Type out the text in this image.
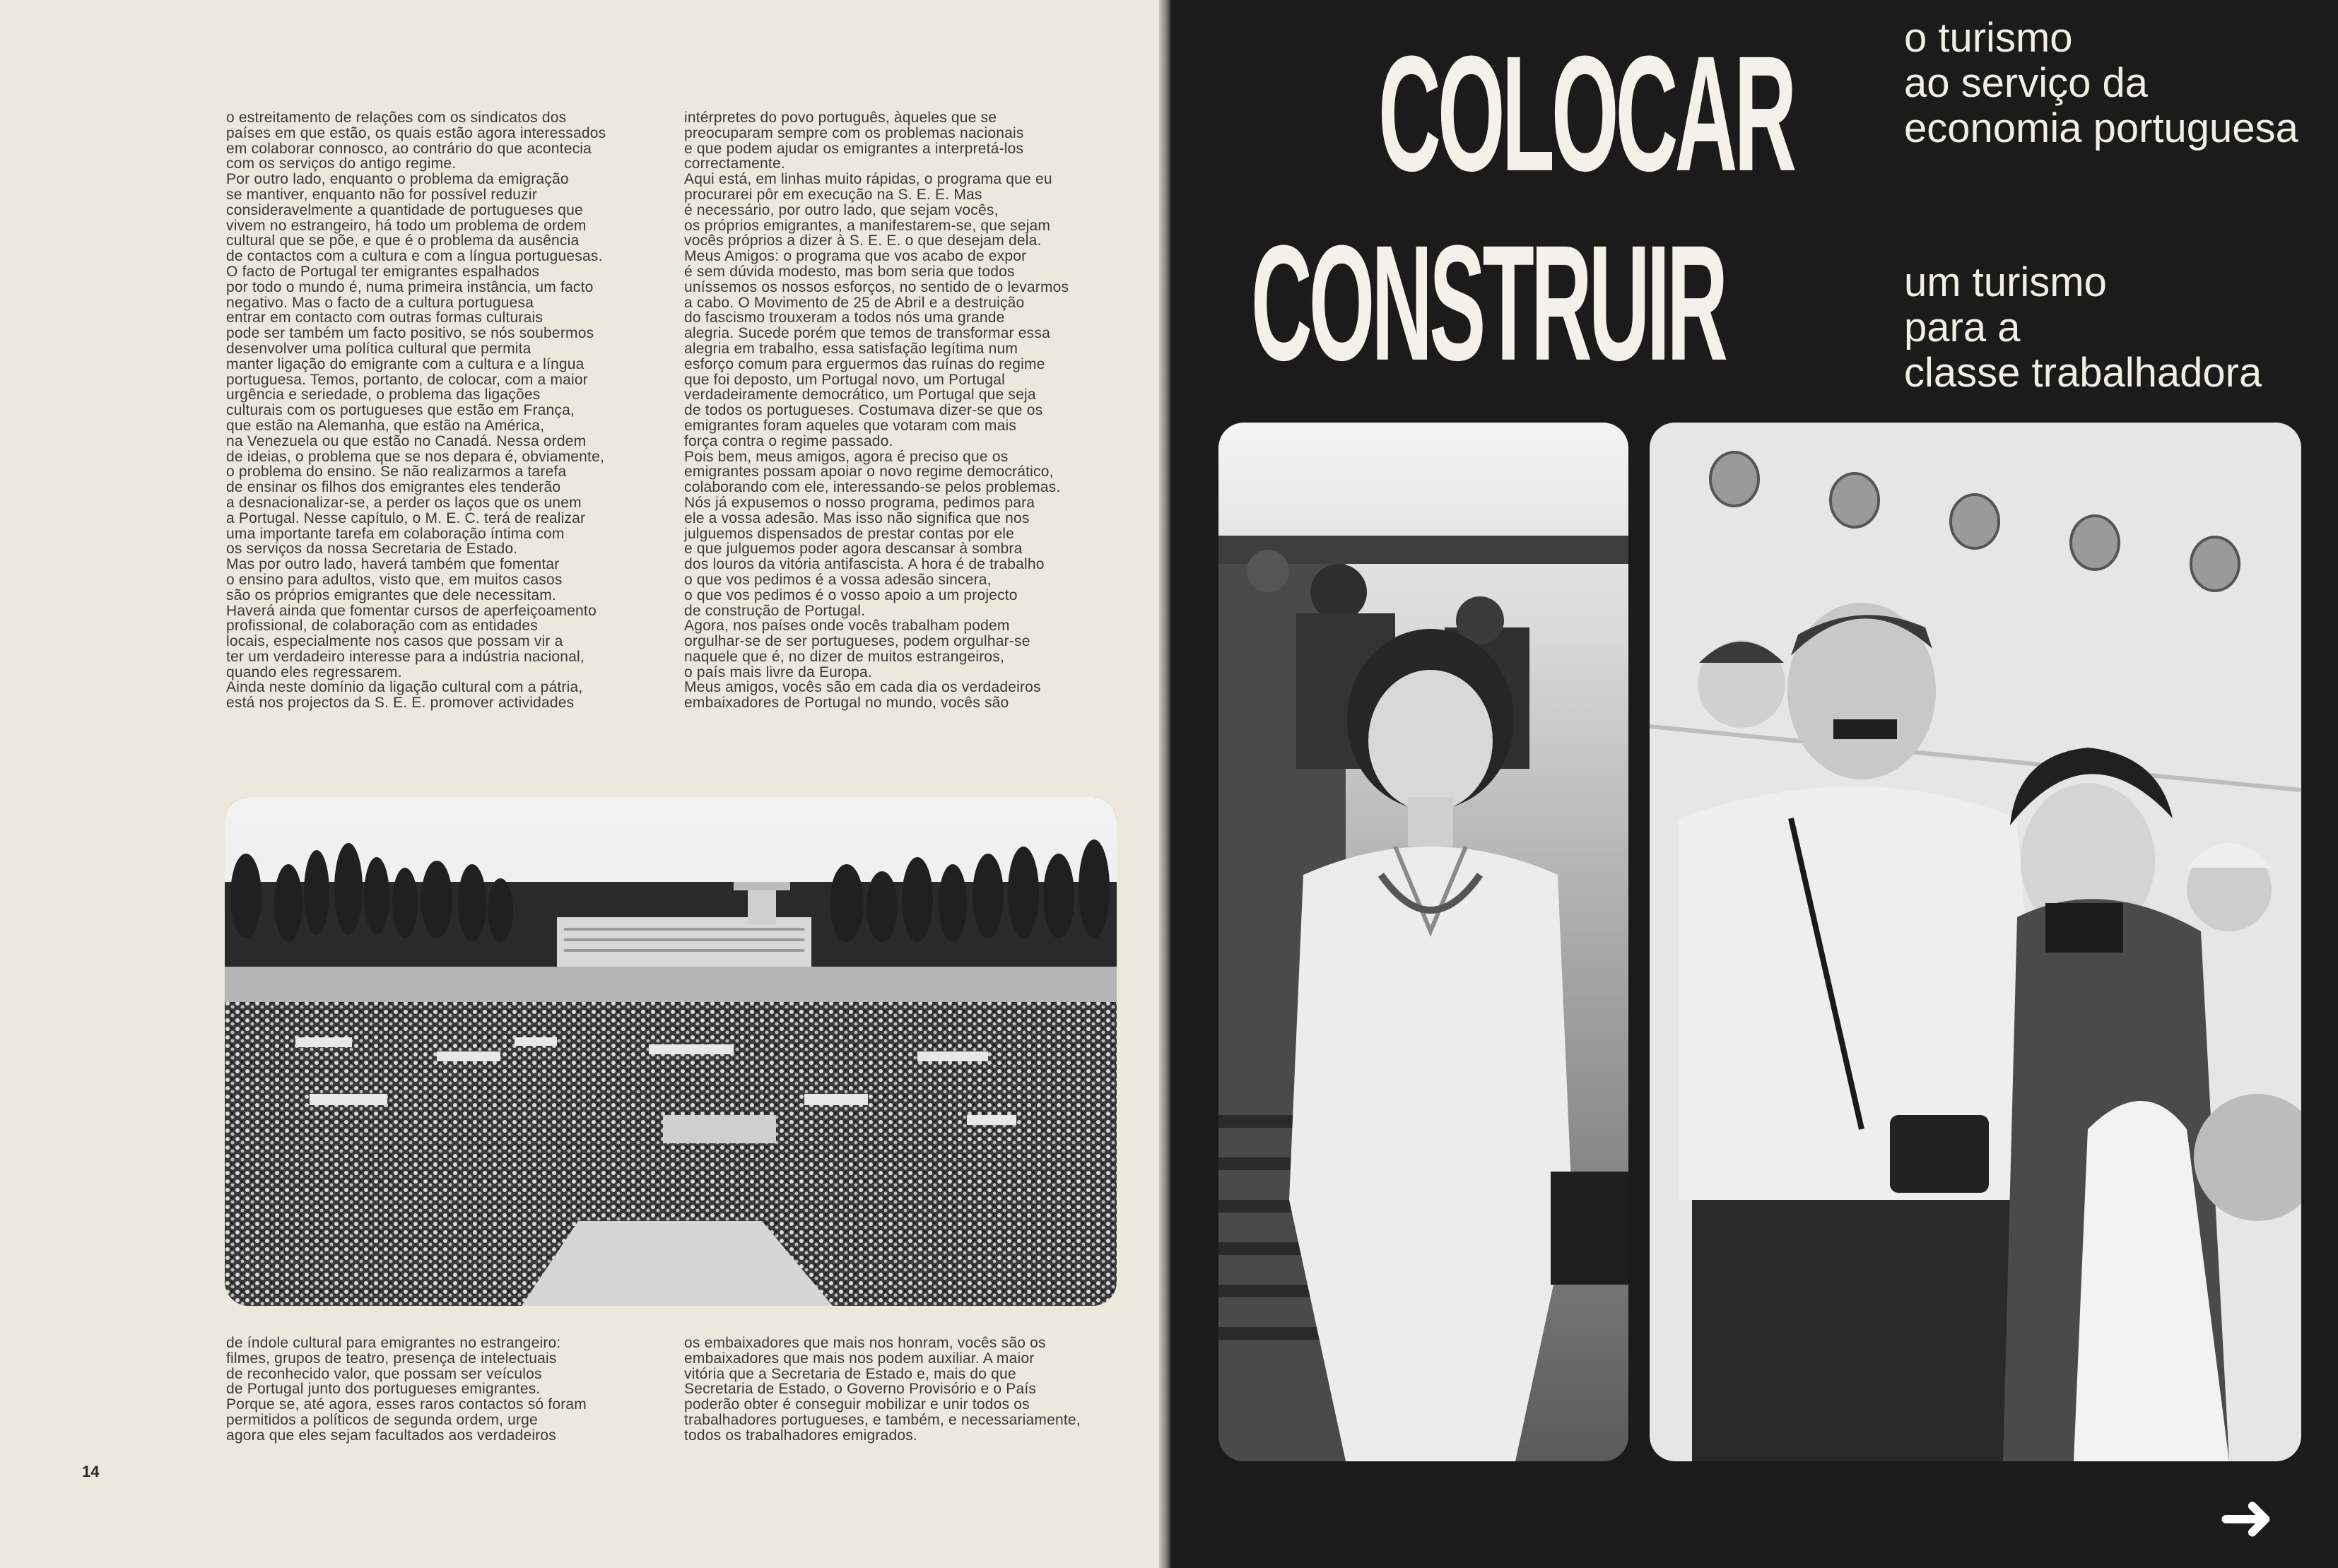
o estreitamento de relações com os sindicatos dos
países em que estão, os quais estão agora interessados
em colaborar connosco, ao contrário do que acontecia
com os serviços do antigo regime.
Por outro lado, enquanto o problema da emigração
se mantiver, enquanto não for possível reduzir
consideravelmente a quantidade de portugueses que
vivem no estrangeiro, há todo um problema de ordem
cultural que se põe, e que é o problema da ausência
de contactos com a cultura e com a língua portuguesas.
O facto de Portugal ter emigrantes espalhados
por todo o mundo é, numa primeira instância, um facto
negativo. Mas o facto de a cultura portuguesa
entrar em contacto com outras formas culturais
pode ser também um facto positivo, se nós soubermos
desenvolver uma política cultural que permita
manter ligação do emigrante com a cultura e a língua
portuguesa. Temos, portanto, de colocar, com a maior
urgência e seriedade, o problema das ligações
culturais com os portugueses que estão em França,
que estão na Alemanha, que estão na América,
na Venezuela ou que estão no Canadá. Nessa ordem
de ideias, o problema que se nos depara é, obviamente,
o problema do ensino. Se não realizarmos a tarefa
de ensinar os filhos dos emigrantes eles tenderão
a desnacionalizar-se, a perder os laços que os unem
a Portugal. Nesse capítulo, o M. E. C. terá de realizar
uma importante tarefa em colaboração íntima com
os serviços da nossa Secretaria de Estado.
Mas por outro lado, haverá também que fomentar
o ensino para adultos, visto que, em muitos casos
são os próprios emigrantes que dele necessitam.
Haverá ainda que fomentar cursos de aperfeiçoamento
profissional, de colaboração com as entidades
locais, especialmente nos casos que possam vir a
ter um verdadeiro interesse para a indústria nacional,
quando eles regressarem.
Ainda neste domínio da ligação cultural com a pátria,
está nos projectos da S. E. E. promover actividades
intérpretes do povo português, àqueles que se
preocuparam sempre com os problemas nacionais
e que podem ajudar os emigrantes a interpretá-los
correctamente.
Aqui está, em linhas muito rápidas, o programa que eu
procurarei pôr em execução na S. E. E. Mas
é necessário, por outro lado, que sejam vocês,
os próprios emigrantes, a manifestarem-se, que sejam
vocês próprios a dizer à S. E. E. o que desejam dela.
Meus Amigos: o programa que vos acabo de expor
é sem dúvida modesto, mas bom seria que todos
uníssemos os nossos esforços, no sentido de o levarmos
a cabo. O Movimento de 25 de Abril e a destruição
do fascismo trouxeram a todos nós uma grande
alegria. Sucede porém que temos de transformar essa
alegria em trabalho, essa satisfação legítima num
esforço comum para erguermos das ruínas do regime
que foi deposto, um Portugal novo, um Portugal
verdadeiramente democrático, um Portugal que seja
de todos os portugueses. Costumava dizer-se que os
emigrantes foram aqueles que votaram com mais
força contra o regime passado.
Pois bem, meus amigos, agora é preciso que os
emigrantes possam apoiar o novo regime democrático,
colaborando com ele, interessando-se pelos problemas.
Nós já expusemos o nosso programa, pedimos para
ele a vossa adesão. Mas isso não significa que nos
julguemos dispensados de prestar contas por ele
e que julguemos poder agora descansar à sombra
dos louros da vitória antifascista. A hora é de trabalho
o que vos pedimos é a vossa adesão sincera,
o que vos pedimos é o vosso apoio a um projecto
de construção de Portugal.
Agora, nos países onde vocês trabalham podem
orgulhar-se de ser portugueses, podem orgulhar-se
naquele que é, no dizer de muitos estrangeiros,
o país mais livre da Europa.
Meus amigos, vocês são em cada dia os verdadeiros
embaixadores de Portugal no mundo, vocês são
de índole cultural para emigrantes no estrangeiro:
filmes, grupos de teatro, presença de intelectuais
de reconhecido valor, que possam ser veículos
de Portugal junto dos portugueses emigrantes.
Porque se, até agora, esses raros contactos só foram
permitidos a políticos de segunda ordem, urge
agora que eles sejam facultados aos verdadeiros
os embaixadores que mais nos honram, vocês são os
embaixadores que mais nos podem auxiliar. A maior
vitória que a Secretaria de Estado e, mais do que
Secretaria de Estado, o Governo Provisório e o País
poderão obter é conseguir mobilizar e unir todos os
trabalhadores portugueses, e também, e necessariamente,
todos os trabalhadores emigrados.
14
COLOCAR
CONSTRUIR
o turismo
ao serviço da
economia portuguesa
um turismo
para a
classe trabalhadora
➜
